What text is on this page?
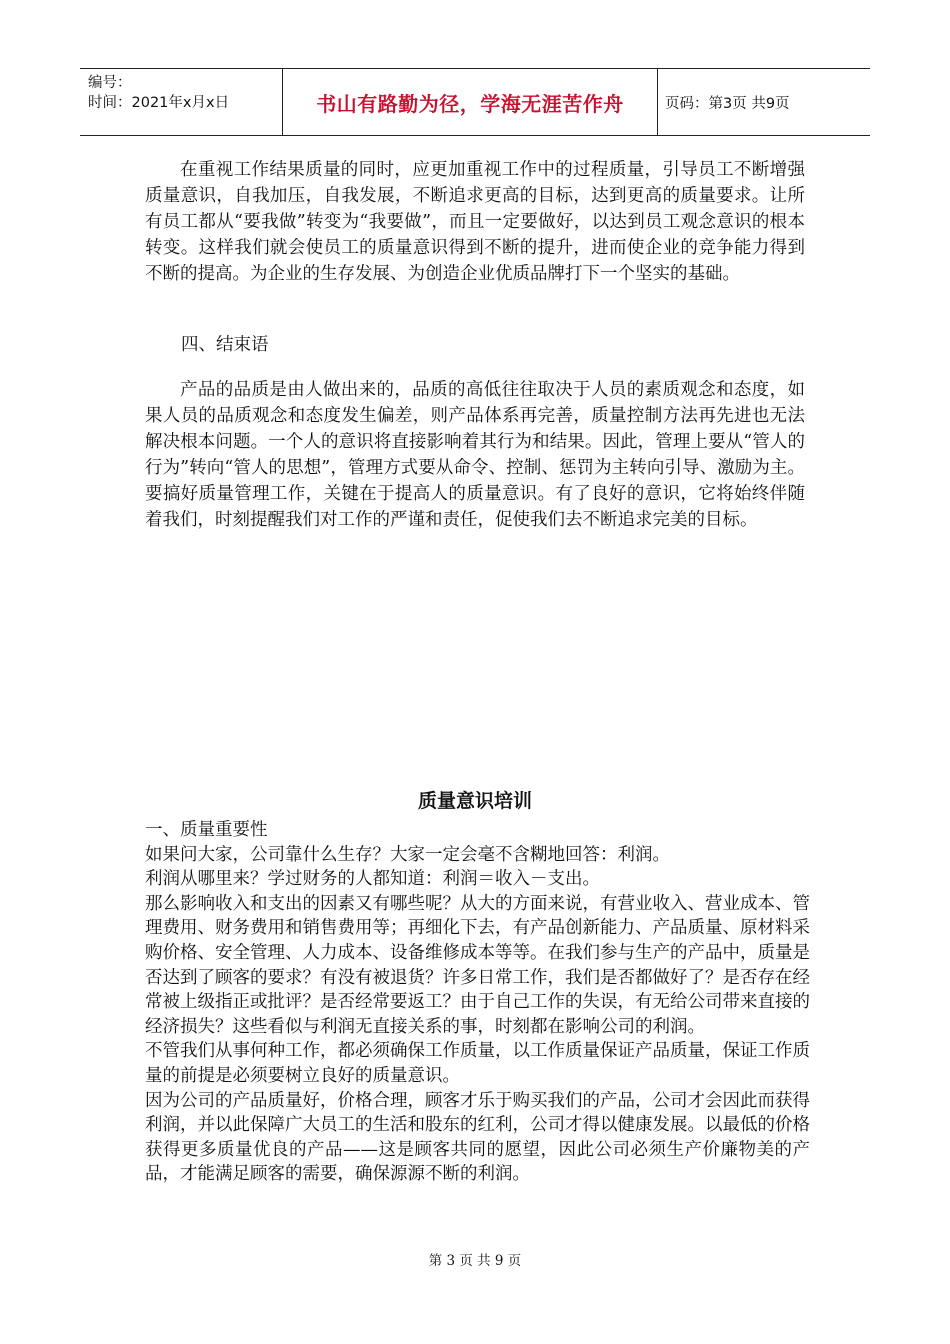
编号：
时间：2021年x月x日	书山有路勤为径，学海无涯苦作舟	页码：第3页 共9页

在重视工作结果质量的同时，应更加重视工作中的过程质量，引导员工不断增强质量意识，自我加压，自我发展，不断追求更高的目标，达到更高的质量要求。让所有员工都从“要我做”转变为“我要做”，而且一定要做好，以达到员工观念意识的根本转变。这样我们就会使员工的质量意识得到不断的提升，进而使企业的竞争能力得到不断的提高。为企业的生存发展、为创造企业优质品牌打下一个坚实的基础。

四、结束语

产品的品质是由人做出来的，品质的高低往往取决于人员的素质观念和态度，如果人员的品质观念和态度发生偏差，则产品体系再完善，质量控制方法再先进也无法解决根本问题。一个人的意识将直接影响着其行为和结果。因此，管理上要从“管人的行为”转向“管人的思想”，管理方式要从命令、控制、惩罚为主转向引导、激励为主。要搞好质量管理工作，关键在于提高人的质量意识。有了良好的意识，它将始终伴随着我们，时刻提醒我们对工作的严谨和责任，促使我们去不断追求完美的目标。

质量意识培训

一、质量重要性

如果问大家，公司靠什么生存？大家一定会毫不含糊地回答：利润。

利润从哪里来？学过财务的人都知道：利润＝收入－支出。

那么影响收入和支出的因素又有哪些呢？从大的方面来说，有营业收入、营业成本、管理费用、财务费用和销售费用等；再细化下去，有产品创新能力、产品质量、原材料采购价格、安全管理、人力成本、设备维修成本等等。在我们参与生产的产品中，质量是否达到了顾客的要求？有没有被退货？许多日常工作，我们是否都做好了？是否存在经常被上级指正或批评？是否经常要返工？由于自己工作的失误，有无给公司带来直接的经济损失？这些看似与利润无直接关系的事，时刻都在影响公司的利润。

不管我们从事何种工作，都必须确保工作质量，以工作质量保证产品质量，保证工作质量的前提是必须要树立良好的质量意识。

因为公司的产品质量好，价格合理，顾客才乐于购买我们的产品，公司才会因此而获得利润，并以此保障广大员工的生活和股东的红利，公司才得以健康发展。以最低的价格获得更多质量优良的产品——这是顾客共同的愿望，因此公司必须生产价廉物美的产品，才能满足顾客的需要，确保源源不断的利润。

第 3 页 共 9 页
